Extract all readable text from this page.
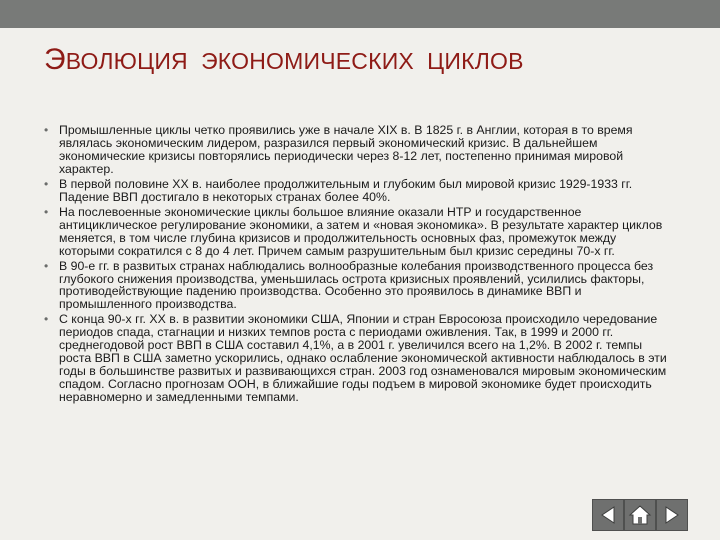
ЭВОЛЮЦИЯ ЭКОНОМИЧЕСКИХ ЦИКЛОВ
• Промышленные циклы четко проявились уже в начале XIX в. В 1825 г. в Англии, которая в то время являлась экономическим лидером, разразился первый экономический кризис. В дальнейшем экономические кризисы повторялись периодически через 8-12 лет, постепенно принимая мировой характер.
• В первой половине XX в. наиболее продолжительным и глубоким был мировой кризис 1929-1933 гг. Падение ВВП достигало в некоторых странах более 40%.
• На послевоенные экономические циклы большое влияние оказали НТР и государственное антициклическое регулирование экономики, а затем и «новая экономика». В результате характер циклов меняется, в том числе глубина кризисов и продолжительность основных фаз, промежуток между которыми сократился с 8 до 4 лет. Причем самым разрушительным был кризис середины 70-х гг.
• В 90-е гг. в развитых странах наблюдались волнообразные колебания производственного процесса без глубокого снижения производства, уменьшилась острота кризисных проявлений, усилились факторы, противодействующие падению производства. Особенно это проявилось в динамике ВВП и промышленного производства.
• С конца 90-х гг. XX в. в развитии экономики США, Японии и стран Евросоюза происходило чередование периодов спада, стагнации и низких темпов роста с периодами оживления. Так, в 1999 и 2000 гг. среднегодовой рост ВВП в США составил 4,1%, а в 2001 г. увеличился всего на 1,2%. В 2002 г. темпы роста ВВП в США заметно ускорились, однако ослабление экономической активности наблюдалось в эти годы в большинстве развитых и развивающихся стран. 2003 год ознаменовался мировым экономическим спадом. Согласно прогнозам ООН, в ближайшие годы подъем в мировой экономике будет происходить неравномерно и замедленными темпами.
